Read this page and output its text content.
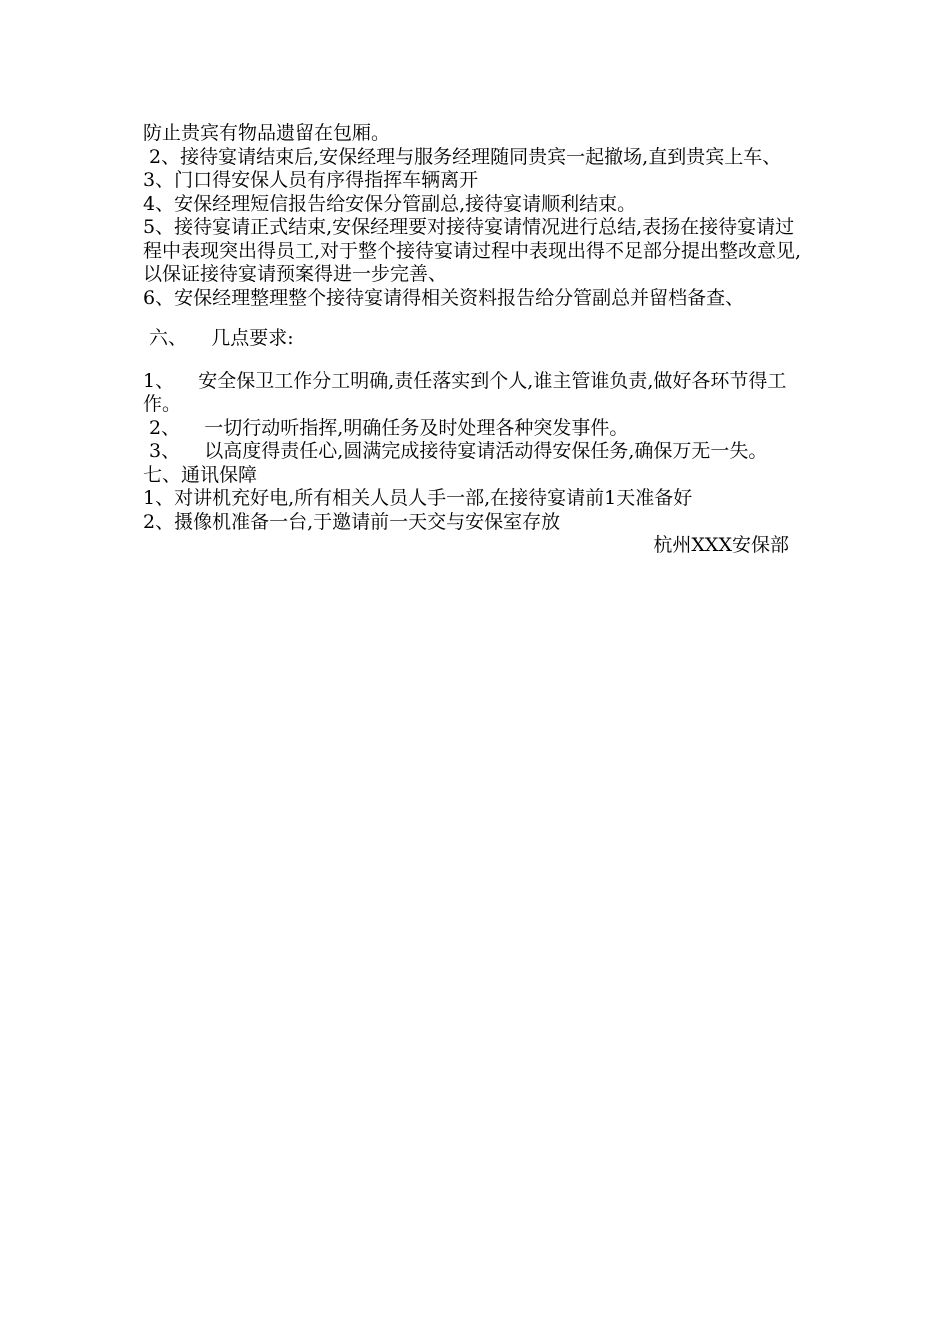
防止贵宾有物品遗留在包厢。

2、接待宴请结束后,安保经理与服务经理随同贵宾一起撤场,直到贵宾上车、

3、门口得安保人员有序得指挥车辆离开

4、安保经理短信报告给安保分管副总,接待宴请顺利结束。

5、接待宴请正式结束,安保经理要对接待宴请情况进行总结,表扬在接待宴请过程中表现突出得员工,对于整个接待宴请过程中表现出得不足部分提出整改意见,以保证接待宴请预案得进一步完善、

6、安保经理整理整个接待宴请得相关资料报告给分管副总并留档备查、

六、    几点要求:

1、    安全保卫工作分工明确,责任落实到个人,谁主管谁负责,做好各环节得工作。

2、    一切行动听指挥,明确任务及时处理各种突发事件。

3、    以高度得责任心,圆满完成接待宴请活动得安保任务,确保万无一失。

七、通讯保障

1、对讲机充好电,所有相关人员人手一部,在接待宴请前1天准备好

2、摄像机准备一台,于邀请前一天交与安保室存放

杭州XXX安保部
